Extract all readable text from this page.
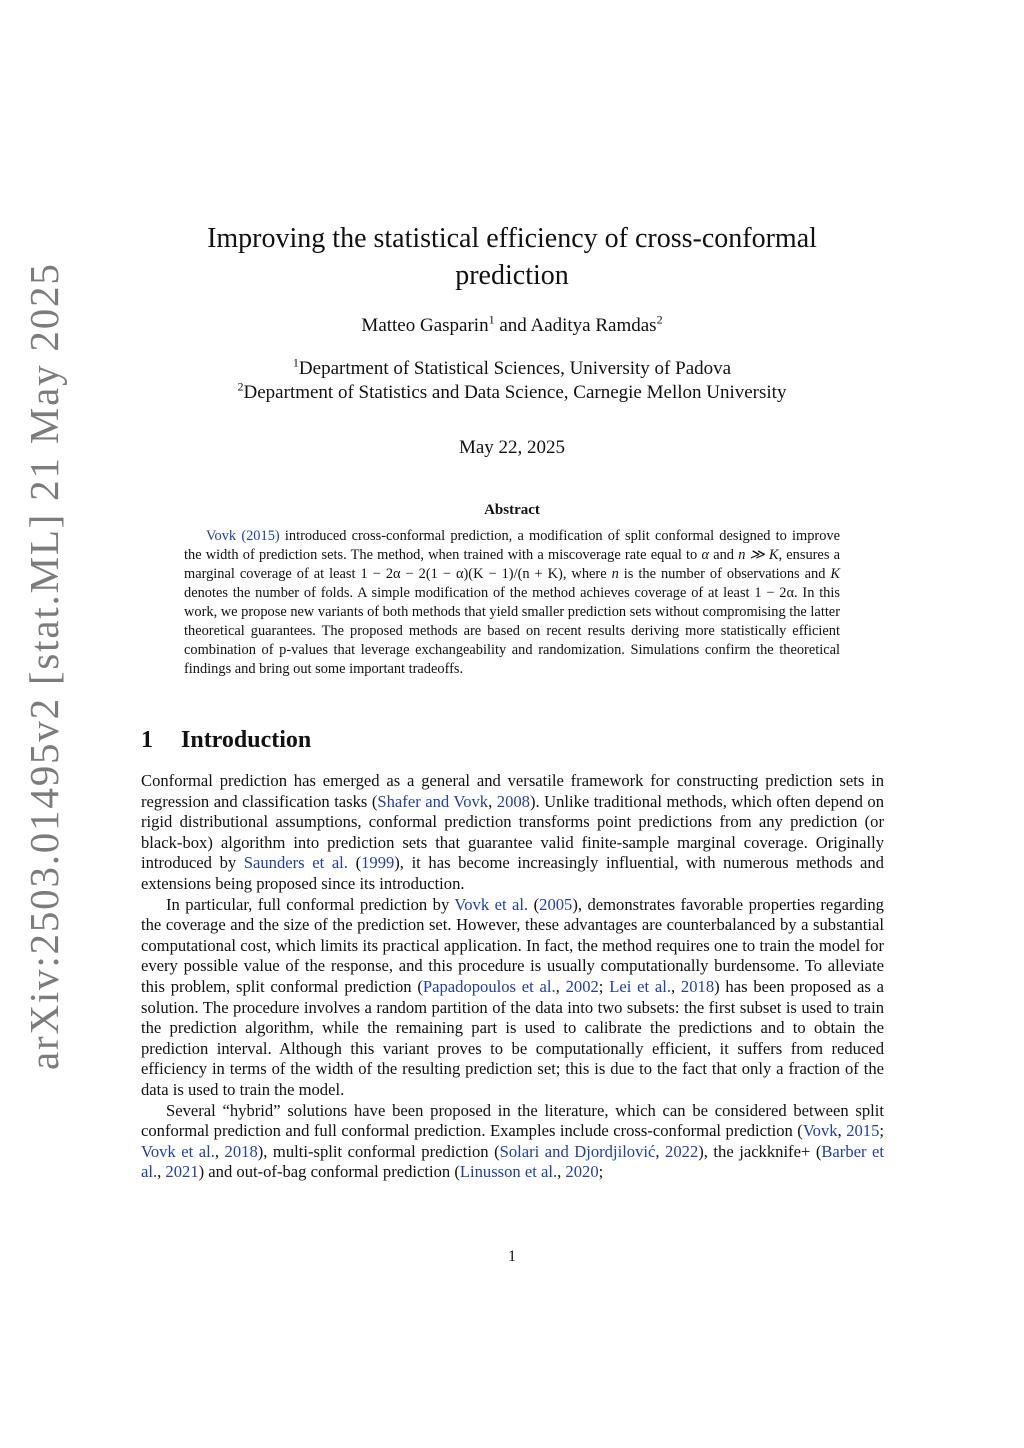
arXiv:2503.01495v2 [stat.ML] 21 May 2025
Improving the statistical efficiency of cross-conformal prediction
Matteo Gasparin$^1$ and Aaditya Ramdas$^2$
$^1$Department of Statistical Sciences, University of Padova
$^2$Department of Statistics and Data Science, Carnegie Mellon University
May 22, 2025
Abstract

Vovk (2015) introduced cross-conformal prediction, a modification of split conformal designed to improve the width of prediction sets. The method, when trained with a miscoverage rate equal to α and n ≫ K, ensures a marginal coverage of at least 1 − 2α − 2(1 − α)(K − 1)/(n + K), where n is the number of observations and K denotes the number of folds. A simple modification of the method achieves coverage of at least 1 − 2α. In this work, we propose new variants of both methods that yield smaller prediction sets without compromising the latter theoretical guarantees. The proposed methods are based on recent results deriving more statistically efficient combination of p-values that leverage exchangeability and randomization. Simulations confirm the theoretical findings and bring out some important tradeoffs.

1 Introduction

Conformal prediction has emerged as a general and versatile framework for constructing prediction sets in regression and classification tasks (Shafer and Vovk, 2008). Unlike traditional methods, which often depend on rigid distributional assumptions, conformal prediction transforms point predictions from any prediction (or black-box) algorithm into prediction sets that guarantee valid finite-sample marginal coverage. Originally introduced by Saunders et al. (1999), it has become increasingly influential, with numerous methods and extensions being proposed since its introduction.

In particular, full conformal prediction by Vovk et al. (2005), demonstrates favorable properties regarding the coverage and the size of the prediction set. However, these advantages are counterbalanced by a substantial computational cost, which limits its practical application. In fact, the method requires one to train the model for every possible value of the response, and this procedure is usually computationally burdensome. To alleviate this problem, split conformal prediction (Papadopoulos et al., 2002; Lei et al., 2018) has been proposed as a solution. The procedure involves a random partition of the data into two subsets: the first subset is used to train the prediction algorithm, while the remaining part is used to calibrate the predictions and to obtain the prediction interval. Although this variant proves to be computationally efficient, it suffers from reduced efficiency in terms of the width of the resulting prediction set; this is due to the fact that only a fraction of the data is used to train the model.

Several “hybrid” solutions have been proposed in the literature, which can be considered between split conformal prediction and full conformal prediction. Examples include cross-conformal prediction (Vovk, 2015; Vovk et al., 2018), multi-split conformal prediction (Solari and Djordjilović, 2022), the jackknife+ (Barber et al., 2021) and out-of-bag conformal prediction (Linusson et al., 2020;

1
